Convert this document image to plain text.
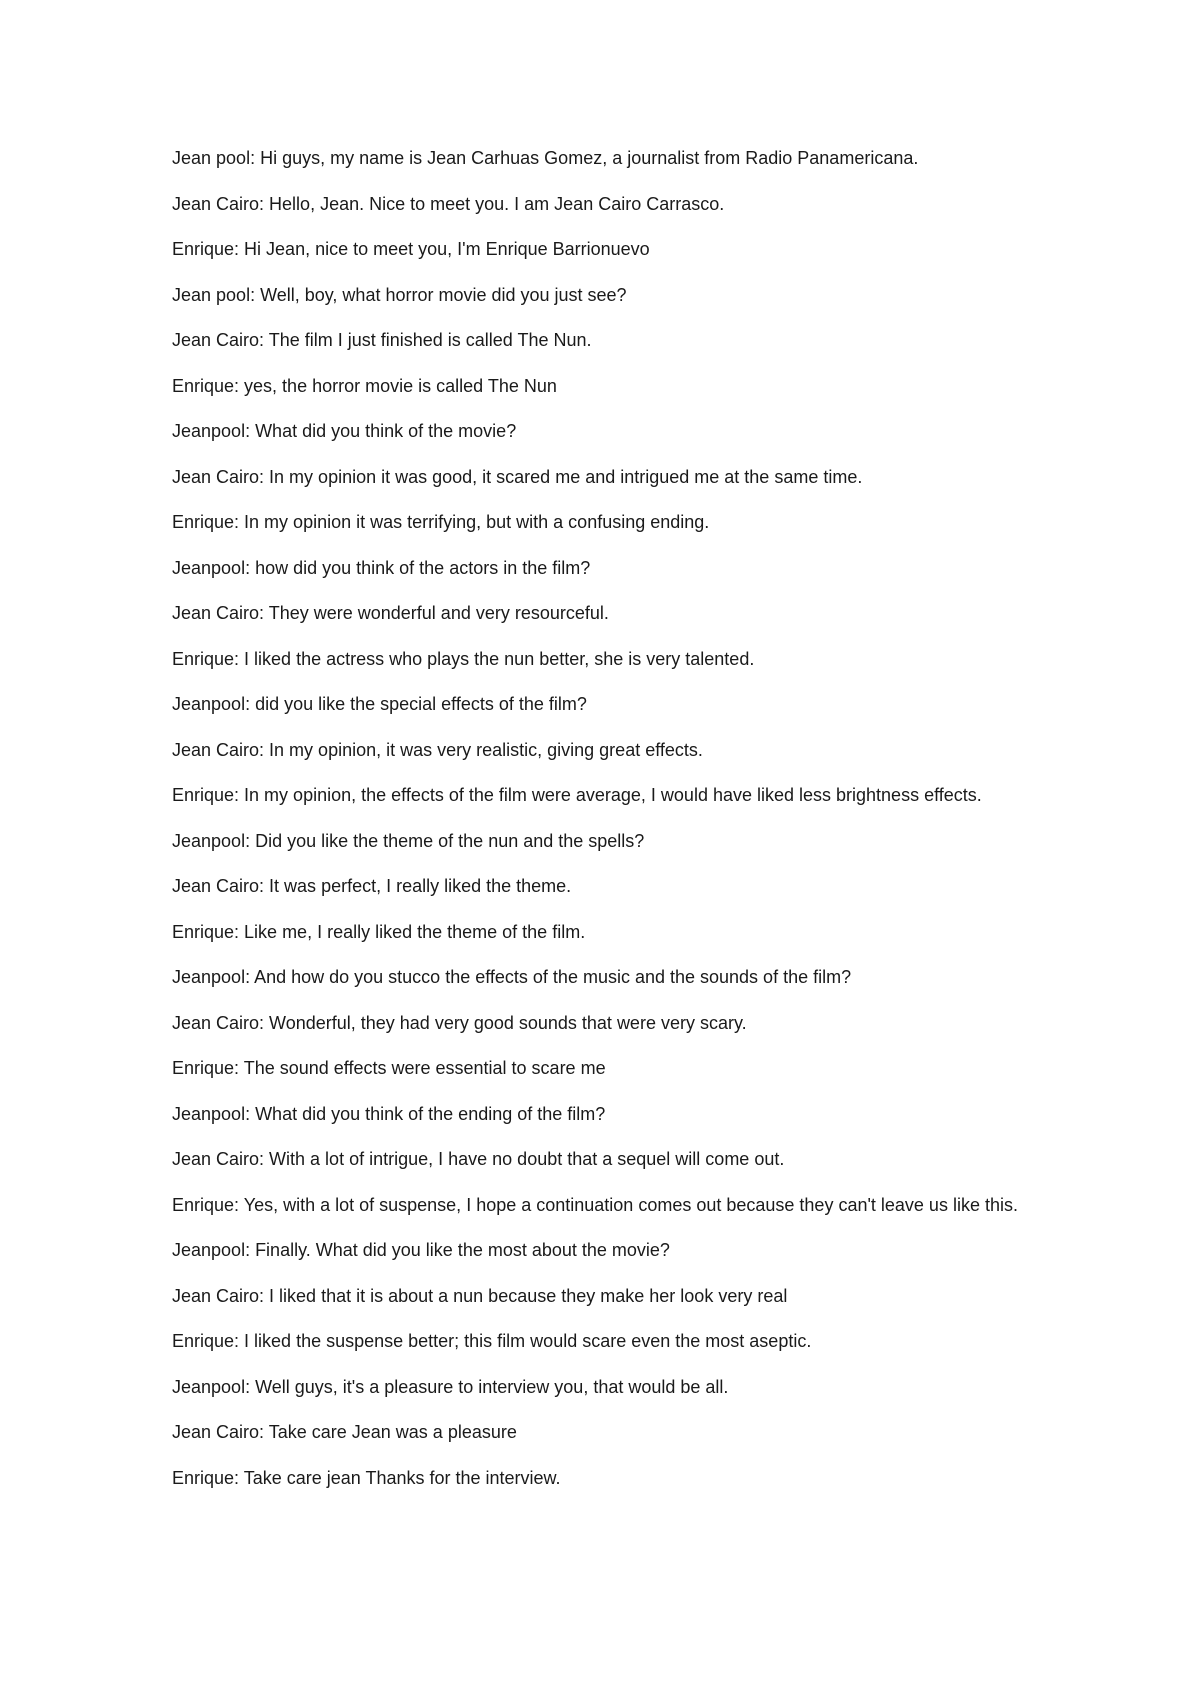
Jean pool: Hi guys, my name is Jean Carhuas Gomez, a journalist from Radio Panamericana.

Jean Cairo: Hello, Jean. Nice to meet you. I am Jean Cairo Carrasco.

Enrique: Hi Jean, nice to meet you, I'm Enrique Barrionuevo

Jean pool: Well, boy, what horror movie did you just see?

Jean Cairo: The film I just finished is called The Nun.

Enrique: yes, the horror movie is called The Nun

Jeanpool: What did you think of the movie?

Jean Cairo: In my opinion it was good, it scared me and intrigued me at the same time.

Enrique: In my opinion it was terrifying, but with a confusing ending.

Jeanpool: how did you think of the actors in the film?

Jean Cairo: They were wonderful and very resourceful.

Enrique: I liked the actress who plays the nun better, she is very talented.

Jeanpool: did you like the special effects of the film?

Jean Cairo: In my opinion, it was very realistic, giving great effects.

Enrique: In my opinion, the effects of the film were average, I would have liked less brightness effects.

Jeanpool: Did you like the theme of the nun and the spells?

Jean Cairo: It was perfect, I really liked the theme.

Enrique: Like me, I really liked the theme of the film.

Jeanpool: And how do you stucco the effects of the music and the sounds of the film?

Jean Cairo: Wonderful, they had very good sounds that were very scary.

Enrique: The sound effects were essential to scare me

Jeanpool: What did you think of the ending of the film?

Jean Cairo: With a lot of intrigue, I have no doubt that a sequel will come out.

Enrique: Yes, with a lot of suspense, I hope a continuation comes out because they can't leave us like this.

Jeanpool: Finally. What did you like the most about the movie?

Jean Cairo: I liked that it is about a nun because they make her look very real

Enrique: I liked the suspense better; this film would scare even the most aseptic.

Jeanpool: Well guys, it's a pleasure to interview you, that would be all.

Jean Cairo: Take care Jean was a pleasure

Enrique: Take care jean Thanks for the interview.
